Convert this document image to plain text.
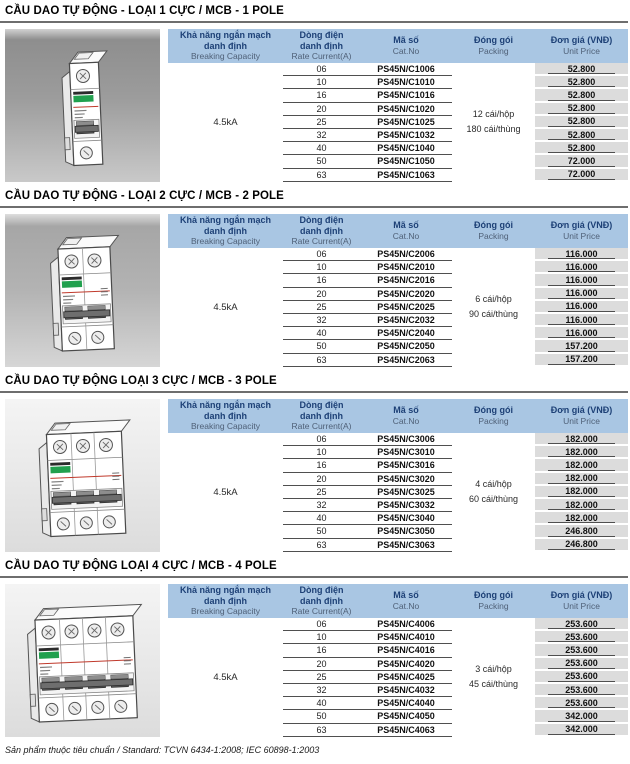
CẦU DAO TỰ ĐỘNG - LOẠI 1 CỰC / MCB - 1 POLE
Khả năng ngắn mạch
danh định
Breaking Capacity
Dòng điện
danh định
Rate Current(A)
Mã số
Cat.No
Đóng gói
Packing
Đơn giá (VNĐ)
Unit Price
4.5kA
12 cái/hộp
180 cái/thùng
06	PS45N/C1006	52.800
10	PS45N/C1010	52.800
16	PS45N/C1016	52.800
20	PS45N/C1020	52.800
25	PS45N/C1025	52.800
32	PS45N/C1032	52.800
40	PS45N/C1040	52.800
50	PS45N/C1050	72.000
63	PS45N/C1063	72.000
CẦU DAO TỰ ĐỘNG - LOẠI 2 CỰC / MCB - 2 POLE
Khả năng ngắn mạch
danh định
Breaking Capacity
Dòng điện
danh định
Rate Current(A)
Mã số
Cat.No
Đóng gói
Packing
Đơn giá (VNĐ)
Unit Price
4.5kA
6 cái/hộp
90 cái/thùng
06	PS45N/C2006	116.000
10	PS45N/C2010	116.000
16	PS45N/C2016	116.000
20	PS45N/C2020	116.000
25	PS45N/C2025	116.000
32	PS45N/C2032	116.000
40	PS45N/C2040	116.000
50	PS45N/C2050	157.200
63	PS45N/C2063	157.200
CẦU DAO TỰ ĐỘNG LOẠI 3 CỰC / MCB - 3 POLE
Khả năng ngắn mạch
danh định
Breaking Capacity
Dòng điện
danh định
Rate Current(A)
Mã số
Cat.No
Đóng gói
Packing
Đơn giá (VNĐ)
Unit Price
4.5kA
4 cái/hộp
60 cái/thùng
06	PS45N/C3006	182.000
10	PS45N/C3010	182.000
16	PS45N/C3016	182.000
20	PS45N/C3020	182.000
25	PS45N/C3025	182.000
32	PS45N/C3032	182.000
40	PS45N/C3040	182.000
50	PS45N/C3050	246.800
63	PS45N/C3063	246.800
CẦU DAO TỰ ĐỘNG LOẠI 4 CỰC / MCB - 4 POLE
Khả năng ngắn mạch
danh định
Breaking Capacity
Dòng điện
danh định
Rate Current(A)
Mã số
Cat.No
Đóng gói
Packing
Đơn giá (VNĐ)
Unit Price
4.5kA
3 cái/hộp
45 cái/thùng
06	PS45N/C4006	253.600
10	PS45N/C4010	253.600
16	PS45N/C4016	253.600
20	PS45N/C4020	253.600
25	PS45N/C4025	253.600
32	PS45N/C4032	253.600
40	PS45N/C4040	253.600
50	PS45N/C4050	342.000
63	PS45N/C4063	342.000
Sản phẩm thuộc tiêu chuẩn / Standard: TCVN 6434-1:2008; IEC 60898-1:2003
